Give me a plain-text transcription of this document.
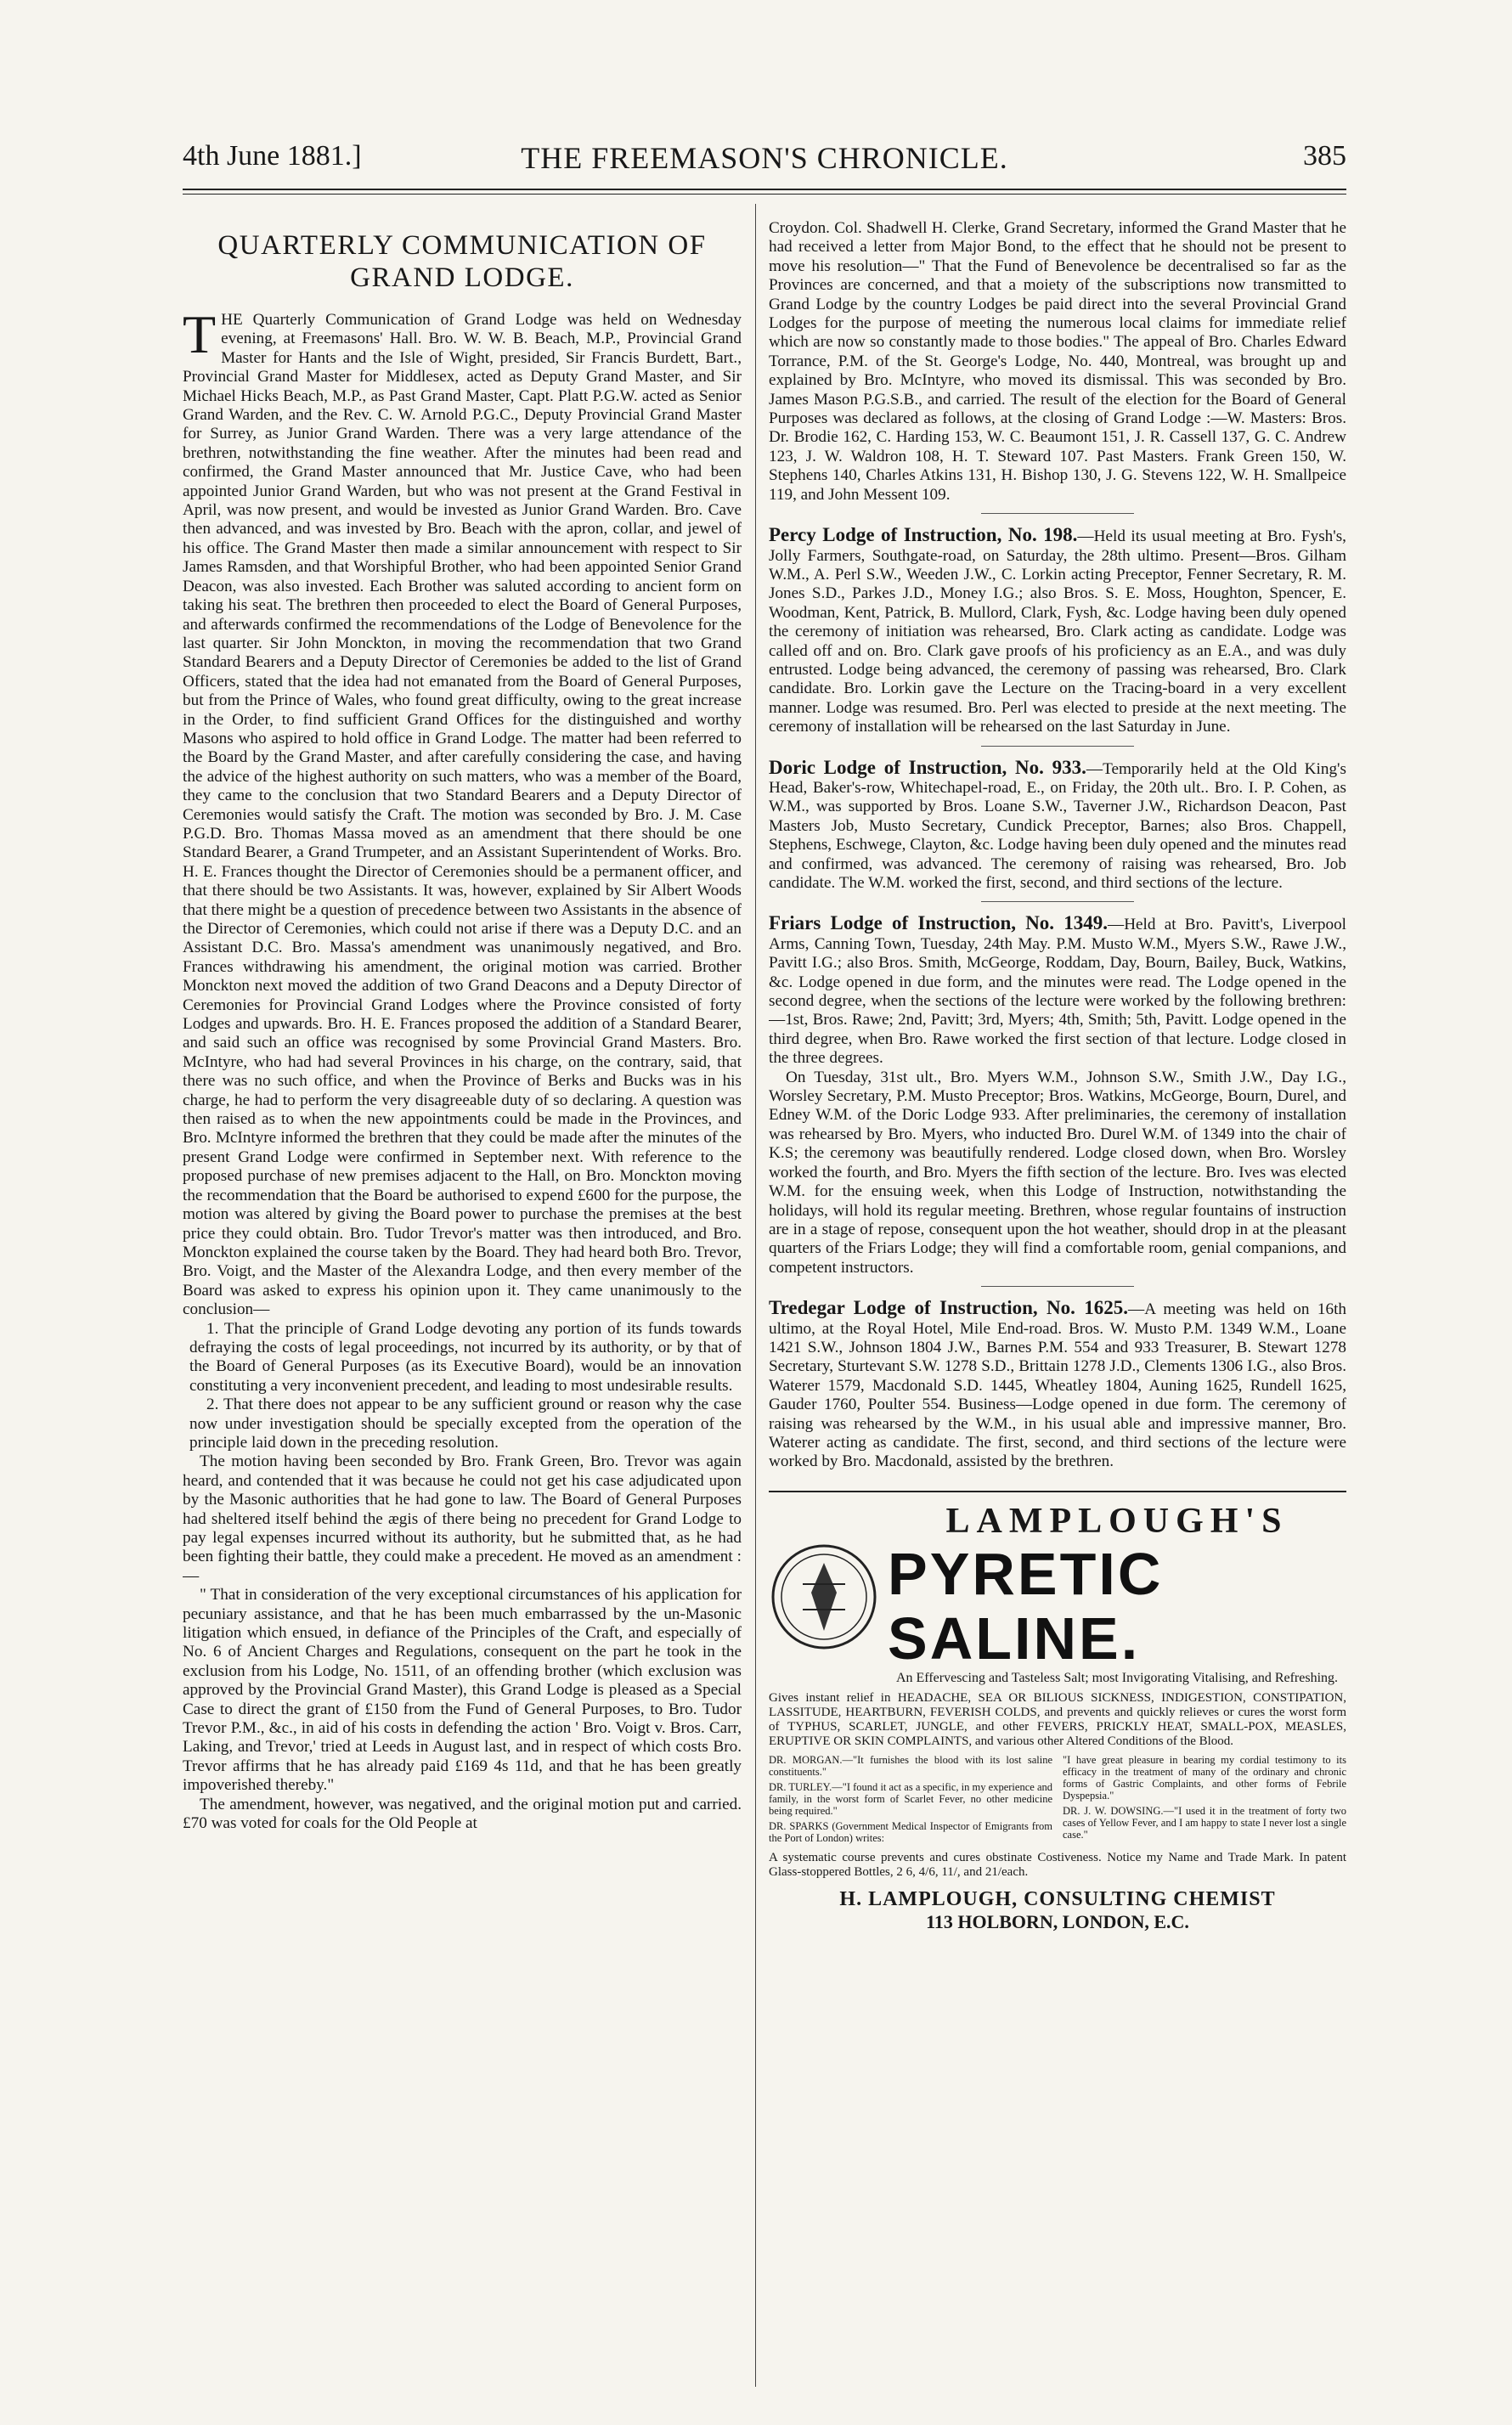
4th June 1881.]	THE FREEMASON'S CHRONICLE.	385
QUARTERLY COMMUNICATION OF GRAND LODGE.

THE Quarterly Communication of Grand Lodge was held on Wednesday evening, at Freemasons' Hall. Bro. W. W. B. Beach, M.P., Provincial Grand Master for Hants and the Isle of Wight, presided, Sir Francis Burdett, Bart., Provincial Grand Master for Middlesex, acted as Deputy Grand Master, and Sir Michael Hicks Beach, M.P., as Past Grand Master, Capt. Platt P.G.W. acted as Senior Grand Warden, and the Rev. C. W. Arnold P.G.C., Deputy Provincial Grand Master for Surrey, as Junior Grand Warden. There was a very large attendance of the brethren, notwithstanding the fine weather. After the minutes had been read and confirmed, the Grand Master announced that Mr. Justice Cave, who had been appointed Junior Grand Warden, but who was not present at the Grand Festival in April, was now present, and would be invested as Junior Grand Warden. Bro. Cave then advanced, and was invested by Bro. Beach with the apron, collar, and jewel of his office. The Grand Master then made a similar announcement with respect to Sir James Ramsden, and that Worshipful Brother, who had been appointed Senior Grand Deacon, was also invested. Each Brother was saluted according to ancient form on taking his seat. The brethren then proceeded to elect the Board of General Purposes, and afterwards confirmed the recommendations of the Lodge of Benevolence for the last quarter. Sir John Monckton, in moving the recommendation that two Grand Standard Bearers and a Deputy Director of Ceremonies be added to the list of Grand Officers, stated that the idea had not emanated from the Board of General Purposes, but from the Prince of Wales, who found great difficulty, owing to the great increase in the Order, to find sufficient Grand Offices for the distinguished and worthy Masons who aspired to hold office in Grand Lodge. The matter had been referred to the Board by the Grand Master, and after carefully considering the case, and having the advice of the highest authority on such matters, who was a member of the Board, they came to the conclusion that two Standard Bearers and a Deputy Director of Ceremonies would satisfy the Craft. The motion was seconded by Bro. J. M. Case P.G.D. Bro. Thomas Massa moved as an amendment that there should be one Standard Bearer, a Grand Trumpeter, and an Assistant Superintendent of Works. Bro. H. E. Frances thought the Director of Ceremonies should be a permanent officer, and that there should be two Assistants. It was, however, explained by Sir Albert Woods that there might be a question of precedence between two Assistants in the absence of the Director of Ceremonies, which could not arise if there was a Deputy D.C. and an Assistant D.C. Bro. Massa's amendment was unanimously negatived, and Bro. Frances withdrawing his amendment, the original motion was carried. Brother Monckton next moved the addition of two Grand Deacons and a Deputy Director of Ceremonies for Provincial Grand Lodges where the Province consisted of forty Lodges and upwards. Bro. H. E. Frances proposed the addition of a Standard Bearer, and said such an office was recognised by some Provincial Grand Masters. Bro. McIntyre, who had had several Provinces in his charge, on the contrary, said, that there was no such office, and when the Province of Berks and Bucks was in his charge, he had to perform the very disagreeable duty of so declaring. A question was then raised as to when the new appointments could be made in the Provinces, and Bro. McIntyre informed the brethren that they could be made after the minutes of the present Grand Lodge were confirmed in September next. With reference to the proposed purchase of new premises adjacent to the Hall, on Bro. Monckton moving the recommendation that the Board be authorised to expend £600 for the purpose, the motion was altered by giving the Board power to purchase the premises at the best price they could obtain. Bro. Tudor Trevor's matter was then introduced, and Bro. Monckton explained the course taken by the Board. They had heard both Bro. Trevor, Bro. Voigt, and the Master of the Alexandra Lodge, and then every member of the Board was asked to express his opinion upon it. They came unanimously to the conclusion—

1. That the principle of Grand Lodge devoting any portion of its funds towards defraying the costs of legal proceedings, not incurred by its authority, or by that of the Board of General Purposes (as its Executive Board), would be an innovation constituting a very inconvenient precedent, and leading to most undesirable results.

2. That there does not appear to be any sufficient ground or reason why the case now under investigation should be specially excepted from the operation of the principle laid down in the preceding resolution.

The motion having been seconded by Bro. Frank Green, Bro. Trevor was again heard, and contended that it was because he could not get his case adjudicated upon by the Masonic authorities that he had gone to law. The Board of General Purposes had sheltered itself behind the ægis of there being no precedent for Grand Lodge to pay legal expenses incurred without its authority, but he submitted that, as he had been fighting their battle, they could make a precedent. He moved as an amendment :—

" That in consideration of the very exceptional circumstances of his application for pecuniary assistance, and that he has been much embarrassed by the un-Masonic litigation which ensued, in defiance of the Principles of the Craft, and especially of No. 6 of Ancient Charges and Regulations, consequent on the part he took in the exclusion from his Lodge, No. 1511, of an offending brother (which exclusion was approved by the Provincial Grand Master), this Grand Lodge is pleased as a Special Case to direct the grant of £150 from the Fund of General Purposes, to Bro. Tudor Trevor P.M., &c., in aid of his costs in defending the action ' Bro. Voigt v. Bros. Carr, Laking, and Trevor,' tried at Leeds in August last, and in respect of which costs Bro. Trevor affirms that he has already paid £169 4s 11d, and that he has been greatly impoverished thereby."

The amendment, however, was negatived, and the original motion put and carried. £70 was voted for coals for the Old People at

Croydon. Col. Shadwell H. Clerke, Grand Secretary, informed the Grand Master that he had received a letter from Major Bond, to the effect that he should not be present to move his resolution—" That the Fund of Benevolence be decentralised so far as the Provinces are concerned, and that a moiety of the subscriptions now transmitted to Grand Lodge by the country Lodges be paid direct into the several Provincial Grand Lodges for the purpose of meeting the numerous local claims for immediate relief which are now so constantly made to those bodies." The appeal of Bro. Charles Edward Torrance, P.M. of the St. George's Lodge, No. 440, Montreal, was brought up and explained by Bro. McIntyre, who moved its dismissal. This was seconded by Bro. James Mason P.G.S.B., and carried. The result of the election for the Board of General Purposes was declared as follows, at the closing of Grand Lodge :—W. Masters: Bros. Dr. Brodie 162, C. Harding 153, W. C. Beaumont 151, J. R. Cassell 137, G. C. Andrew 123, J. W. Waldron 108, H. T. Steward 107. Past Masters. Frank Green 150, W. Stephens 140, Charles Atkins 131, H. Bishop 130, J. G. Stevens 122, W. H. Smallpeice 119, and John Messent 109.

Percy Lodge of Instruction, No. 198.—Held its usual meeting at Bro. Fysh's, Jolly Farmers, Southgate-road, on Saturday, the 28th ultimo. Present—Bros. Gilham W.M., A. Perl S.W., Weeden J.W., C. Lorkin acting Preceptor, Fenner Secretary, R. M. Jones S.D., Parkes J.D., Money I.G.; also Bros. S. E. Moss, Houghton, Spencer, E. Woodman, Kent, Patrick, B. Mullord, Clark, Fysh, &c. Lodge having been duly opened the ceremony of initiation was rehearsed, Bro. Clark acting as candidate. Lodge was called off and on. Bro. Clark gave proofs of his proficiency as an E.A., and was duly entrusted. Lodge being advanced, the ceremony of passing was rehearsed, Bro. Clark candidate. Bro. Lorkin gave the Lecture on the Tracing-board in a very excellent manner. Lodge was resumed. Bro. Perl was elected to preside at the next meeting. The ceremony of installation will be rehearsed on the last Saturday in June.

Doric Lodge of Instruction, No. 933.—Temporarily held at the Old King's Head, Baker's-row, Whitechapel-road, E., on Friday, the 20th ult.. Bro. I. P. Cohen, as W.M., was supported by Bros. Loane S.W., Taverner J.W., Richardson Deacon, Past Masters Job, Musto Secretary, Cundick Preceptor, Barnes; also Bros. Chappell, Stephens, Eschwege, Clayton, &c. Lodge having been duly opened and the minutes read and confirmed, was advanced. The ceremony of raising was rehearsed, Bro. Job candidate. The W.M. worked the first, second, and third sections of the lecture.

Friars Lodge of Instruction, No. 1349.—Held at Bro. Pavitt's, Liverpool Arms, Canning Town, Tuesday, 24th May. P.M. Musto W.M., Myers S.W., Rawe J.W., Pavitt I.G.; also Bros. Smith, McGeorge, Roddam, Day, Bourn, Bailey, Buck, Watkins, &c. Lodge opened in due form, and the minutes were read. The Lodge opened in the second degree, when the sections of the lecture were worked by the following brethren:—1st, Bros. Rawe; 2nd, Pavitt; 3rd, Myers; 4th, Smith; 5th, Pavitt. Lodge opened in the third degree, when Bro. Rawe worked the first section of that lecture. Lodge closed in the three degrees.

On Tuesday, 31st ult., Bro. Myers W.M., Johnson S.W., Smith J.W., Day I.G., Worsley Secretary, P.M. Musto Preceptor; Bros. Watkins, McGeorge, Bourn, Durel, and Edney W.M. of the Doric Lodge 933. After preliminaries, the ceremony of installation was rehearsed by Bro. Myers, who inducted Bro. Durel W.M. of 1349 into the chair of K.S; the ceremony was beautifully rendered. Lodge closed down, when Bro. Worsley worked the fourth, and Bro. Myers the fifth section of the lecture. Bro. Ives was elected W.M. for the ensuing week, when this Lodge of Instruction, notwithstanding the holidays, will hold its regular meeting. Brethren, whose regular fountains of instruction are in a stage of repose, consequent upon the hot weather, should drop in at the pleasant quarters of the Friars Lodge; they will find a comfortable room, genial companions, and competent instructors.

Tredegar Lodge of Instruction, No. 1625.—A meeting was held on 16th ultimo, at the Royal Hotel, Mile End-road. Bros. W. Musto P.M. 1349 W.M., Loane 1421 S.W., Johnson 1804 J.W., Barnes P.M. 554 and 933 Treasurer, B. Stewart 1278 Secretary, Sturtevant S.W. 1278 S.D., Brittain 1278 J.D., Clements 1306 I.G., also Bros. Waterer 1579, Macdonald S.D. 1445, Wheatley 1804, Auning 1625, Rundell 1625, Gauder 1760, Poulter 554. Business—Lodge opened in due form. The ceremony of raising was rehearsed by the W.M., in his usual able and impressive manner, Bro. Waterer acting as candidate. The first, second, and third sections of the lecture were worked by Bro. Macdonald, assisted by the brethren.

LAMPLOUGH'S
PYRETIC SALINE.
An Effervescing and Tasteless Salt; most Invigorating Vitalising, and Refreshing.
Gives instant relief in HEADACHE, SEA OR BILIOUS SICKNESS, INDIGESTION, CONSTIPATION, LASSITUDE, HEARTBURN, FEVERISH COLDS, and prevents and quickly relieves or cures the worst form of TYPHUS, SCARLET, JUNGLE, and other FEVERS, PRICKLY HEAT, SMALL-POX, MEASLES, ERUPTIVE OR SKIN COMPLAINTS, and various other Altered Conditions of the Blood.

DR. MORGAN.—"It furnishes the blood with its lost saline constituents."

DR. TURLEY.—"I found it act as a specific, in my experience and family, in the worst form of Scarlet Fever, no other medicine being required."

DR. SPARKS (Government Medical Inspector of Emigrants from the Port of London) writes:

"I have great pleasure in bearing my cordial testimony to its efficacy in the treatment of many of the ordinary and chronic forms of Gastric Complaints, and other forms of Febrile Dyspepsia."

DR. J. W. DOWSING.—"I used it in the treatment of forty two cases of Yellow Fever, and I am happy to state I never lost a single case."

A systematic course prevents and cures obstinate Costiveness. Notice my Name and Trade Mark. In patent Glass-stoppered Bottles, 2 6, 4/6, 11/, and 21/each.
H. LAMPLOUGH, CONSULTING CHEMIST
113 HOLBORN, LONDON, E.C.
